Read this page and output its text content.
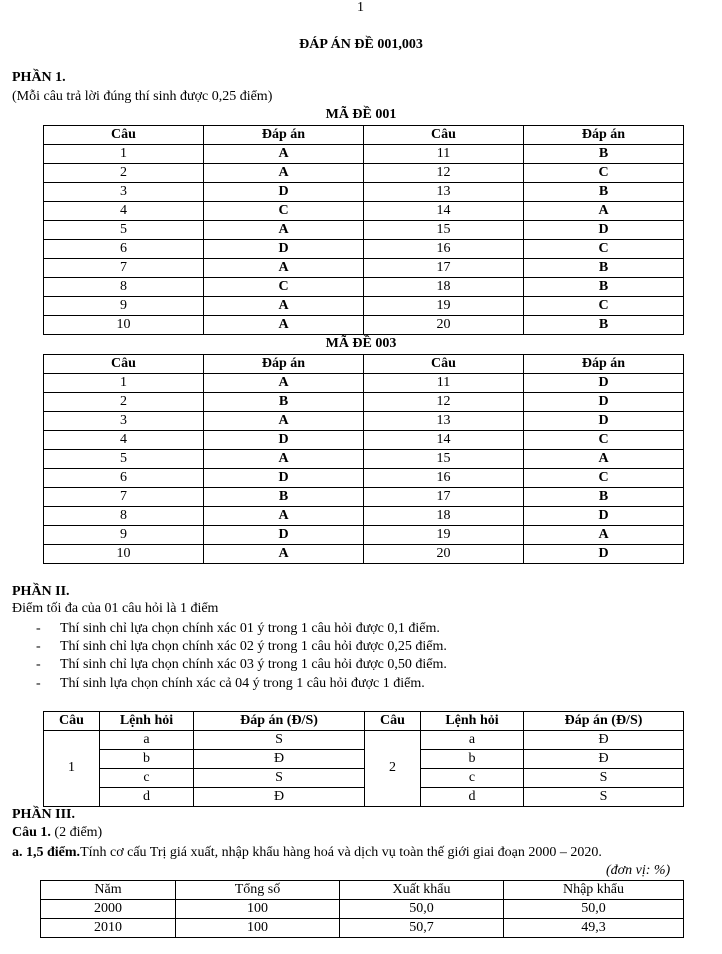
1
ĐÁP ÁN ĐỀ 001,003
PHẦN 1.
(Mỗi câu trả lời đúng thí sinh được 0,25 điểm)
MÃ ĐỀ 001
Câu	Đáp án	Câu	Đáp án
1	A	11	B
2	A	12	C
3	D	13	B
4	C	14	A
5	A	15	D
6	D	16	C
7	A	17	B
8	C	18	B
9	A	19	C
10	A	20	B
MÃ ĐỀ 003
Câu	Đáp án	Câu	Đáp án
1	A	11	D
2	B	12	D
3	A	13	D
4	D	14	C
5	A	15	A
6	D	16	C
7	B	17	B
8	A	18	D
9	D	19	A
10	A	20	D
PHẦN II.
Điểm tối đa của 01 câu hỏi là 1 điểm
- Thí sinh chỉ lựa chọn chính xác 01 ý trong 1 câu hỏi được 0,1 điểm.
- Thí sinh chỉ lựa chọn chính xác 02 ý trong 1 câu hỏi được 0,25 điểm.
- Thí sinh chỉ lựa chọn chính xác 03 ý trong 1 câu hỏi được 0,50 điểm.
- Thí sinh lựa chọn chính xác cả 04 ý trong 1 câu hỏi được 1 điểm.
Câu	Lệnh hỏi	Đáp án (Đ/S)	Câu	Lệnh hỏi	Đáp án (Đ/S)
1	a	S	2	a	Đ
	b	Đ		b	Đ
	c	S		c	S
	d	Đ		d	S
PHẦN III.
Câu 1. (2 điểm)
a. 1,5 điểm.Tính cơ cấu Trị giá xuất, nhập khẩu hàng hoá và dịch vụ toàn thế giới giai đoạn 2000 – 2020.
(đơn vị: %)
Năm	Tổng số	Xuất khẩu	Nhập khẩu
2000	100	50,0	50,0
2010	100	50,7	49,3
